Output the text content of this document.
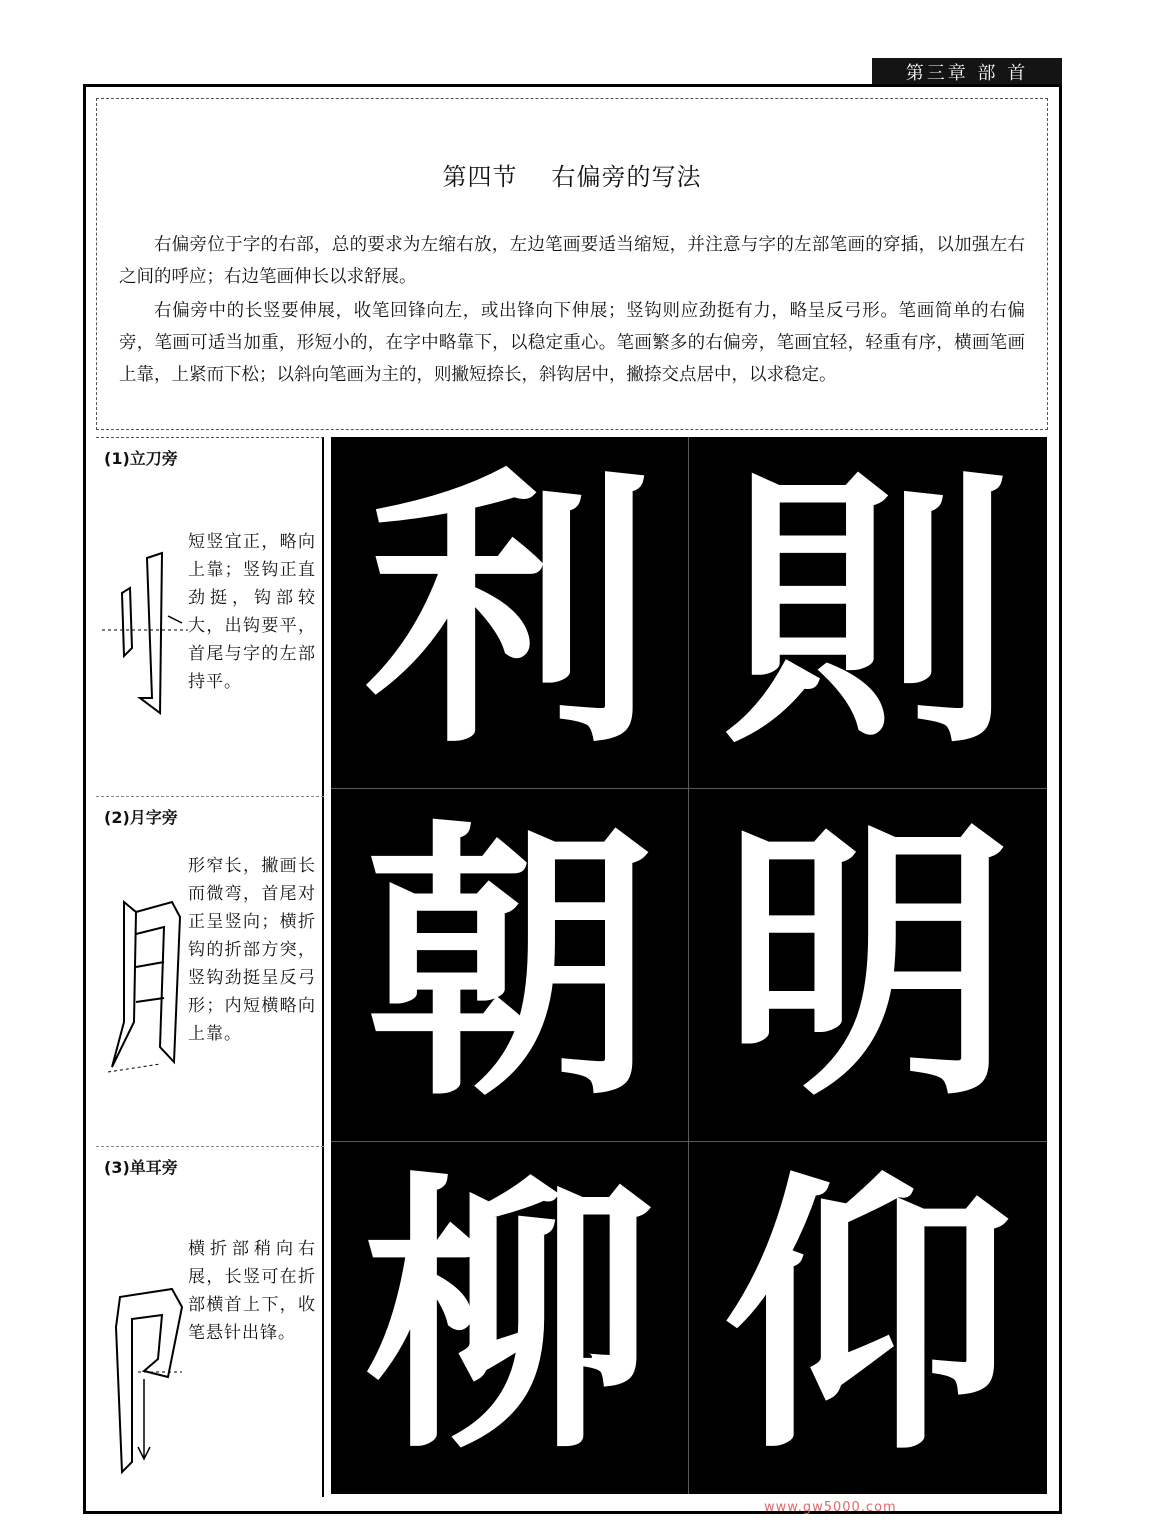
第三章 部 首
第四节 右偏旁的写法
右偏旁位于字的右部，总的要求为左缩右放，左边笔画要适当缩短，并注意与字的左部笔画的穿插，以加强左右之间的呼应；右边笔画伸长以求舒展。
右偏旁中的长竖要伸展，收笔回锋向左，或出锋向下伸展；竖钩则应劲挺有力，略呈反弓形。笔画简单的右偏旁，笔画可适当加重，形短小的，在字中略靠下，以稳定重心。笔画繁多的右偏旁，笔画宜轻，轻重有序，横画笔画上靠，上紧而下松；以斜向笔画为主的，则撇短捺长，斜钩居中，撇捺交点居中，以求稳定。
(1)立刀旁
短竖宜正，略向上靠；竖钩正直劲挺，钩部较大，出钩要平，首尾与字的左部持平。
(2)月字旁
形窄长，撇画长而微弯，首尾对正呈竖向；横折钩的折部方突，竖钩劲挺呈反弓形；内短横略向上靠。
(3)单耳旁
横折部稍向右展，长竖可在折部横首上下，收笔悬针出锋。
利 則
朝 明
柳 仰
www.gw5000.com
